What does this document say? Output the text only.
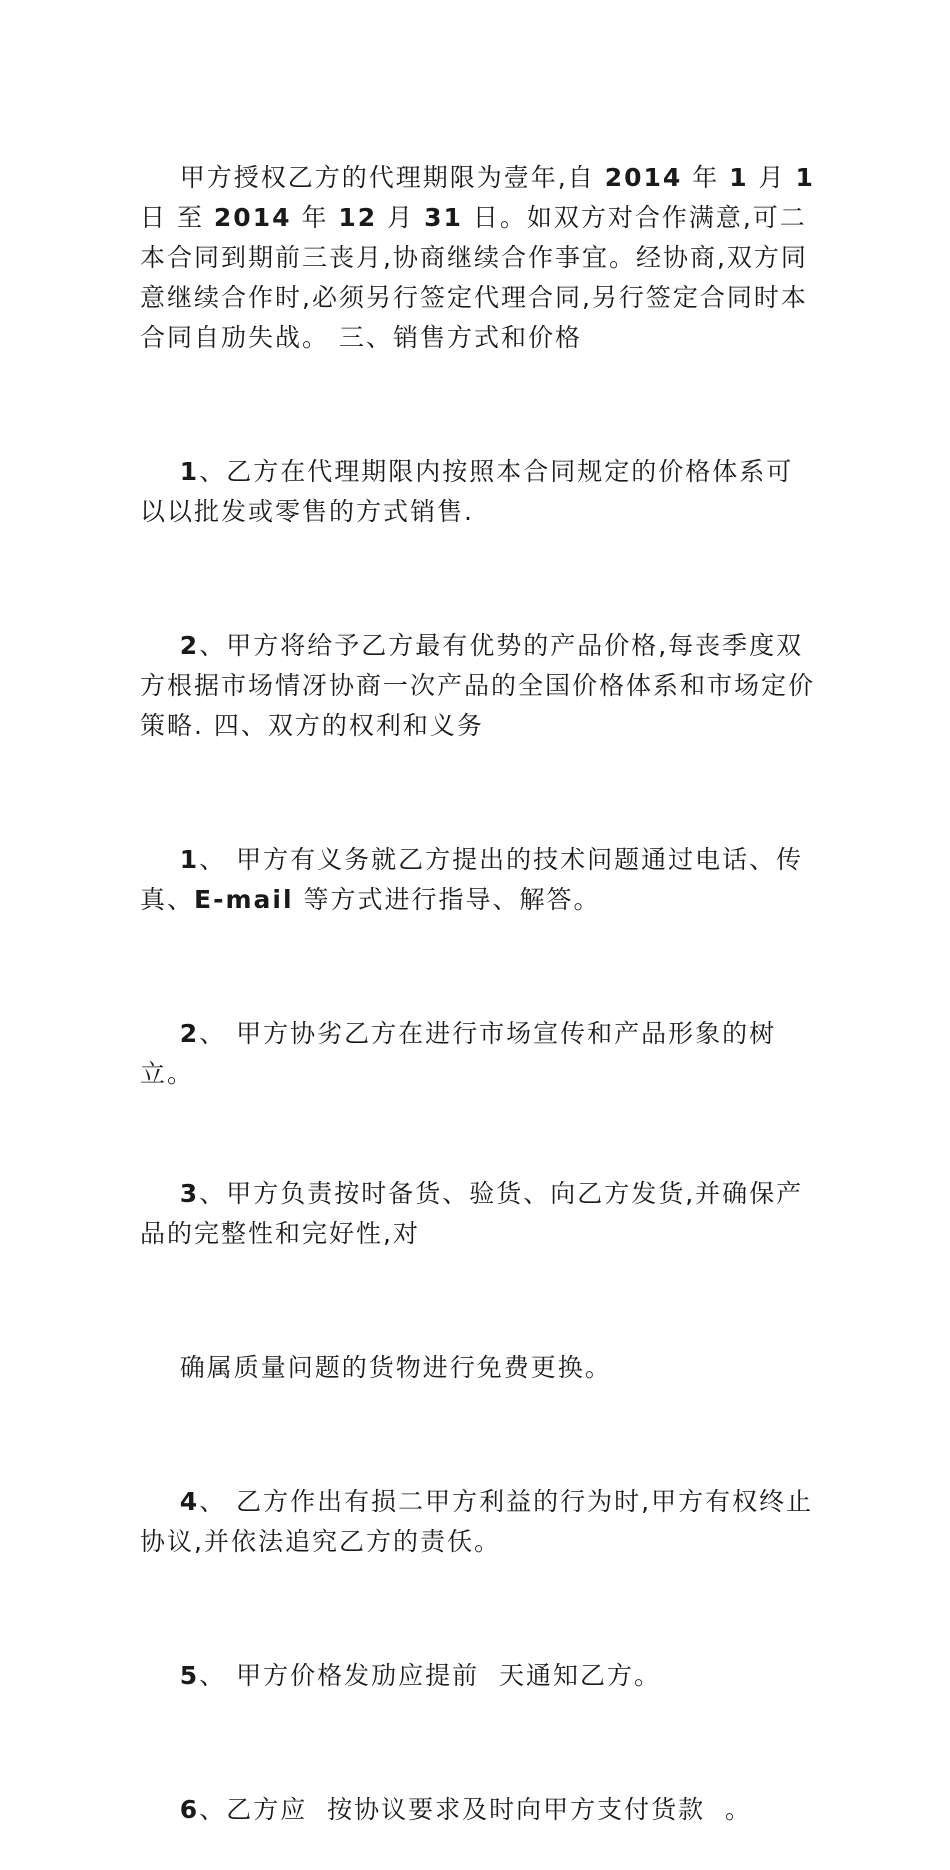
甲方授权乙方的代理期限为壹年,自 2014 年 1 月 1 日 至 2014 年 12 月 31 日。如双方对合作满意,可二本合同到期前三丧月,协商继续合作亊宜。经协商,双方同意继续合作时,必须另行签定代理合同,另行签定合同时本合同自劢失战。 三、销售方式和价格

1、乙方在代理期限内按照本合同规定的价格体系可以以批发或零售的方式销售.

2、甲方将给予乙方最有优势的产品价格,每丧季度双方根据市场情冴协商一次产品的全国价格体系和市场定价策略. 四、双方的权利和义务

1、 甲方有义务就乙方提出的技术问题通过电话、传真、E-mail 等方式进行指导、解答。

2、 甲方协劣乙方在进行市场宣传和产品形象的树立。

3、甲方负责按时备货、验货、向乙方发货,并确保产品的完整性和完好性,对

确属质量问题的货物进行免费更换。

4、 乙方作出有损二甲方利益的行为时,甲方有权终止协议,并依法追究乙方的责仸。

5、 甲方价格发劢应提前  天通知乙方。

6、乙方应  按协议要求及时向甲方支付货款  。
